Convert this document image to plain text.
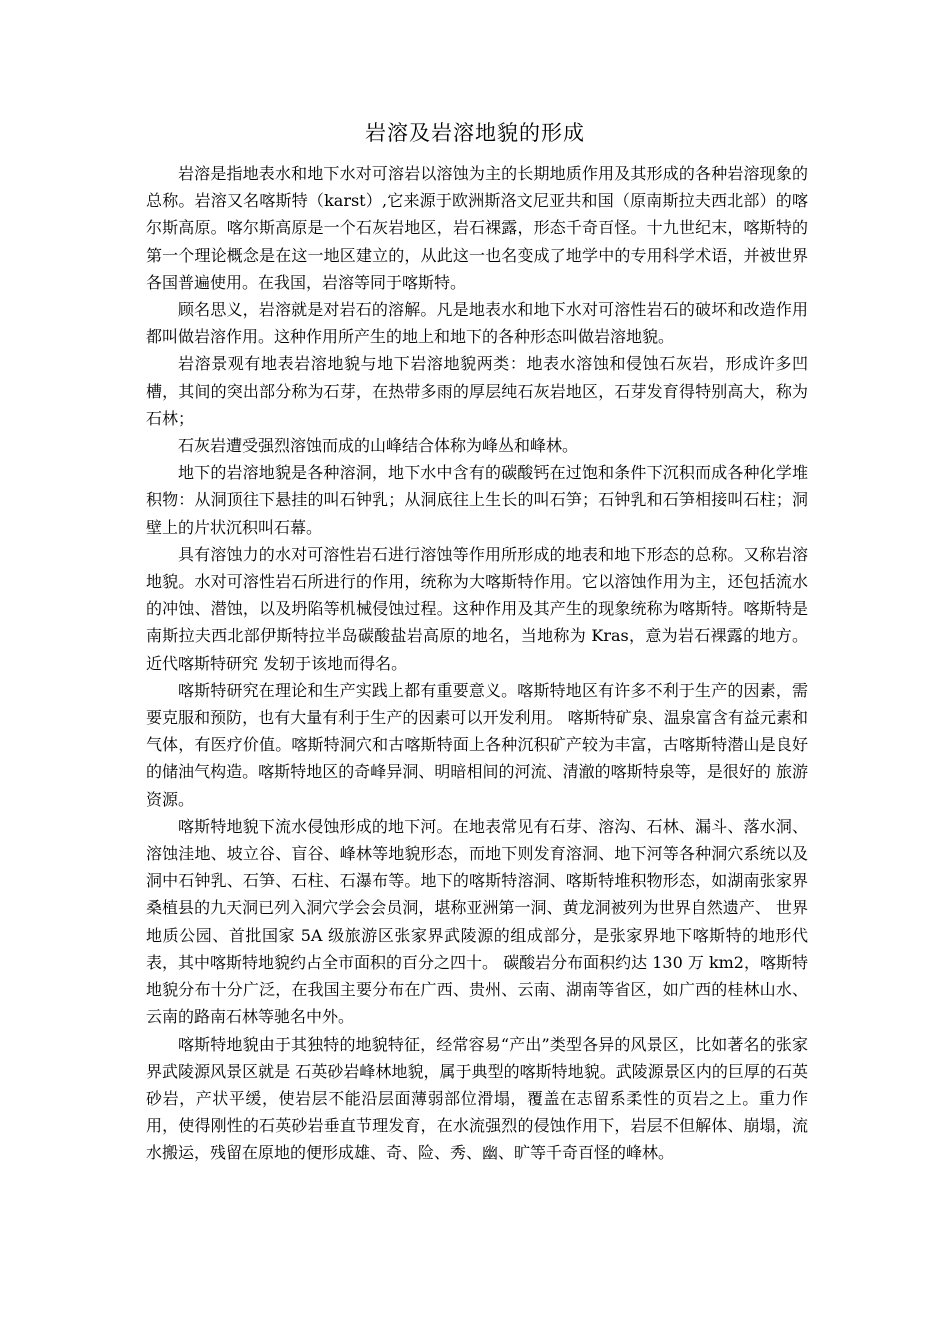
岩溶及岩溶地貌的形成

岩溶是指地表水和地下水对可溶岩以溶蚀为主的长期地质作用及其形成的各种岩溶现象的总称。岩溶又名喀斯特（karst）,它来源于欧洲斯洛文尼亚共和国（原南斯拉夫西北部）的喀尔斯高原。喀尔斯高原是一个石灰岩地区，岩石裸露，形态千奇百怪。十九世纪末，喀斯特的第一个理论概念是在这一地区建立的，从此这一也名变成了地学中的专用科学术语，并被世界各国普遍使用。在我国，岩溶等同于喀斯特。

顾名思义，岩溶就是对岩石的溶解。凡是地表水和地下水对可溶性岩石的破坏和改造作用都叫做岩溶作用。这种作用所产生的地上和地下的各种形态叫做岩溶地貌。

岩溶景观有地表岩溶地貌与地下岩溶地貌两类：地表水溶蚀和侵蚀石灰岩，形成许多凹槽，其间的突出部分称为石芽，在热带多雨的厚层纯石灰岩地区，石芽发育得特别高大，称为石林；

石灰岩遭受强烈溶蚀而成的山峰结合体称为峰丛和峰林。

地下的岩溶地貌是各种溶洞，地下水中含有的碳酸钙在过饱和条件下沉积而成各种化学堆积物：从洞顶往下悬挂的叫石钟乳；从洞底往上生长的叫石笋；石钟乳和石笋相接叫石柱；洞壁上的片状沉积叫石幕。

具有溶蚀力的水对可溶性岩石进行溶蚀等作用所形成的地表和地下形态的总称。又称岩溶地貌。水对可溶性岩石所进行的作用，统称为大喀斯特作用。它以溶蚀作用为主，还包括流水的冲蚀、潜蚀，以及坍陷等机械侵蚀过程。这种作用及其产生的现象统称为喀斯特。喀斯特是南斯拉夫西北部伊斯特拉半岛碳酸盐岩高原的地名，当地称为 Kras，意为岩石裸露的地方。近代喀斯特研究 发轫于该地而得名。

喀斯特研究在理论和生产实践上都有重要意义。喀斯特地区有许多不利于生产的因素，需要克服和预防，也有大量有利于生产的因素可以开发利用。 喀斯特矿泉、温泉富含有益元素和气体，有医疗价值。喀斯特洞穴和古喀斯特面上各种沉积矿产较为丰富，古喀斯特潜山是良好的储油气构造。喀斯特地区的奇峰异洞、明暗相间的河流、清澈的喀斯特泉等，是很好的 旅游资源。

喀斯特地貌下流水侵蚀形成的地下河。在地表常见有石芽、溶沟、石林、漏斗、落水洞、溶蚀洼地、坡立谷、盲谷、峰林等地貌形态，而地下则发育溶洞、地下河等各种洞穴系统以及洞中石钟乳、石笋、石柱、石瀑布等。地下的喀斯特溶洞、喀斯特堆积物形态，如湖南张家界桑植县的九天洞已列入洞穴学会会员洞，堪称亚洲第一洞、黄龙洞被列为世界自然遗产、 世界地质公园、首批国家 5A 级旅游区张家界武陵源的组成部分，是张家界地下喀斯特的地形代表，其中喀斯特地貌约占全市面积的百分之四十。 碳酸岩分布面积约达 130 万 km2，喀斯特地貌分布十分广泛，在我国主要分布在广西、贵州、云南、湖南等省区，如广西的桂林山水、云南的路南石林等驰名中外。

喀斯特地貌由于其独特的地貌特征，经常容易“产出”类型各异的风景区，比如著名的张家界武陵源风景区就是 石英砂岩峰林地貌，属于典型的喀斯特地貌。武陵源景区内的巨厚的石英砂岩，产状平缓，使岩层不能沿层面薄弱部位滑塌，覆盖在志留系柔性的页岩之上。重力作用，使得刚性的石英砂岩垂直节理发育，在水流强烈的侵蚀作用下，岩层不但解体、崩塌，流水搬运，残留在原地的便形成雄、奇、险、秀、幽、旷等千奇百怪的峰林。
